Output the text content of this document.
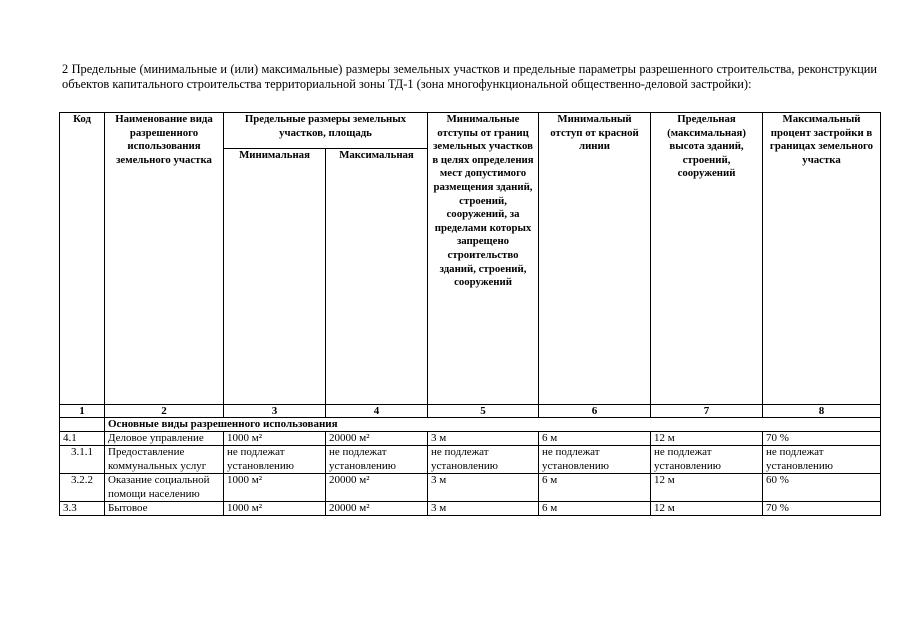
2 Предельные (минимальные и (или) максимальные) размеры земельных участков и предельные параметры разрешенного строительства, реконструкции объектов капитального строительства территориальной зоны ТД-1 (зона многофункциональной общественно-деловой застройки):

Код	Наименование вида разрешенного использования земельного участка	Предельные размеры земельных участков, площадь		Минимальные отступы от границ земельных участков в целях определения мест допустимого размещения зданий, строений, сооружений, за пределами которых запрещено строительство зданий, строений, сооружений	Минимальный отступ от красной линии	Предельная (максимальная) высота зданий, строений, сооружений	Максимальный процент застройки в границах земельного участка
		Минимальная	Максимальная				
1	2	3	4	5	6	7	8
	Основные виды разрешенного использования						
4.1	Деловое управление	1000 м²	20000 м²	3 м	6 м	12 м	70 %
3.1.1	Предоставление коммунальных услуг	не подлежат установлению	не подлежат установлению	не подлежат установлению	не подлежат установлению	не подлежат установлению	не подлежат установлению
3.2.2	Оказание социальной помощи населению	1000 м²	20000 м²	3 м	6 м	12 м	60 %
3.3	Бытовое	1000 м²	20000 м²	3 м	6 м	12 м	70 %
